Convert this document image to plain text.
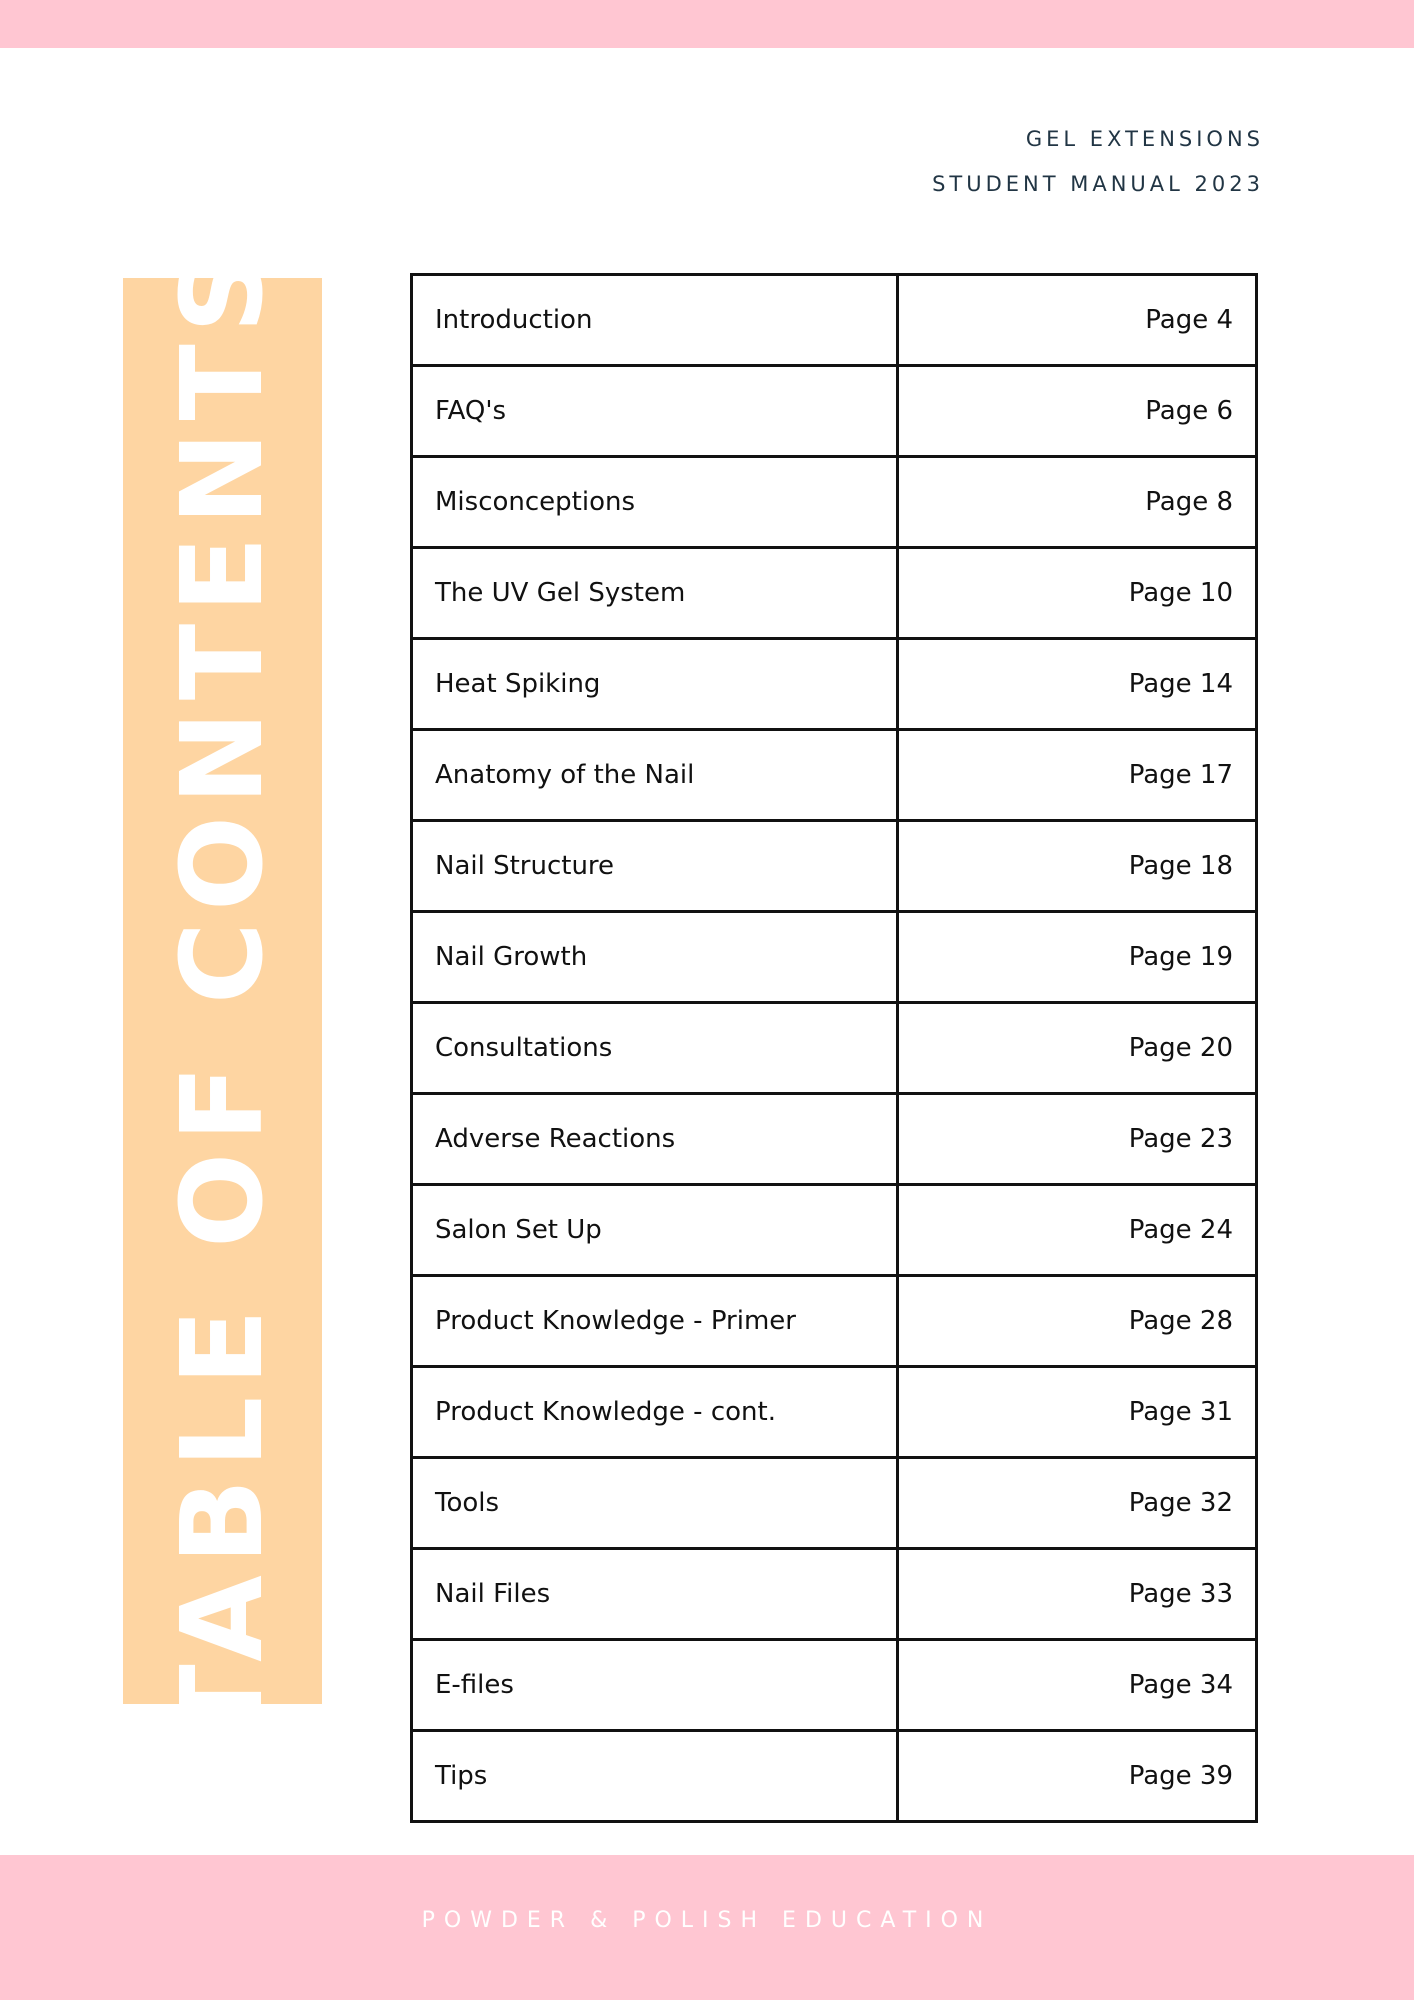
GEL EXTENSIONS
STUDENT MANUAL 2023
TABLE OF CONTENTS	Introduction	Page 4
FAQ's	Page 6
Misconceptions	Page 8
The UV Gel System	Page 10
Heat Spiking	Page 14
Anatomy of the Nail	Page 17
Nail Structure	Page 18
Nail Growth	Page 19
Consultations	Page 20
Adverse Reactions	Page 23
Salon Set Up	Page 24
Product Knowledge - Primer	Page 28
Product Knowledge - cont.	Page 31
Tools	Page 32
Nail Files	Page 33
E-files	Page 34
Tips	Page 39
POWDER & POLISH EDUCATION
